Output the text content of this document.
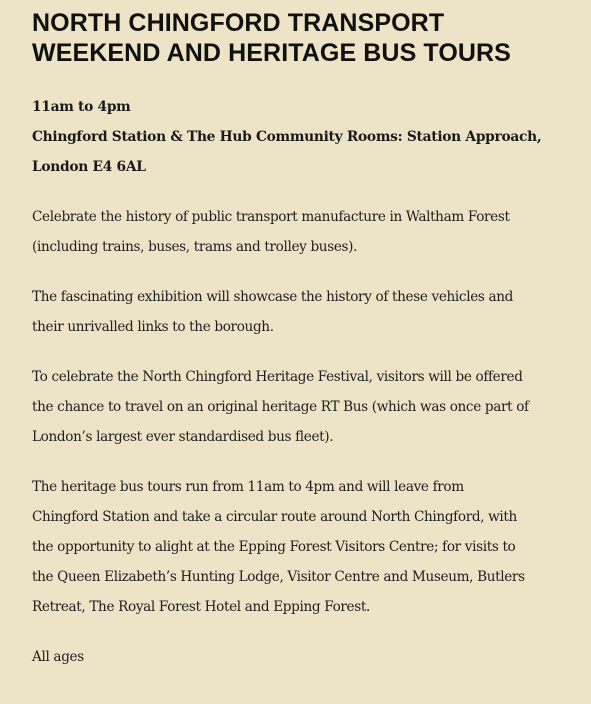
NORTH CHINGFORD TRANSPORT
WEEKEND AND HERITAGE BUS TOURS
11am to 4pm
Chingford Station & The Hub Community Rooms: Station Approach,
London E4 6AL
Celebrate the history of public transport manufacture in Waltham Forest
(including trains, buses, trams and trolley buses).
The fascinating exhibition will showcase the history of these vehicles and
their unrivalled links to the borough.
To celebrate the North Chingford Heritage Festival, visitors will be offered
the chance to travel on an original heritage RT Bus (which was once part of
London’s largest ever standardised bus fleet).
The heritage bus tours run from 11am to 4pm and will leave from
Chingford Station and take a circular route around North Chingford, with
the opportunity to alight at the Epping Forest Visitors Centre; for visits to
the Queen Elizabeth’s Hunting Lodge, Visitor Centre and Museum, Butlers
Retreat, The Royal Forest Hotel and Epping Forest.
All ages
